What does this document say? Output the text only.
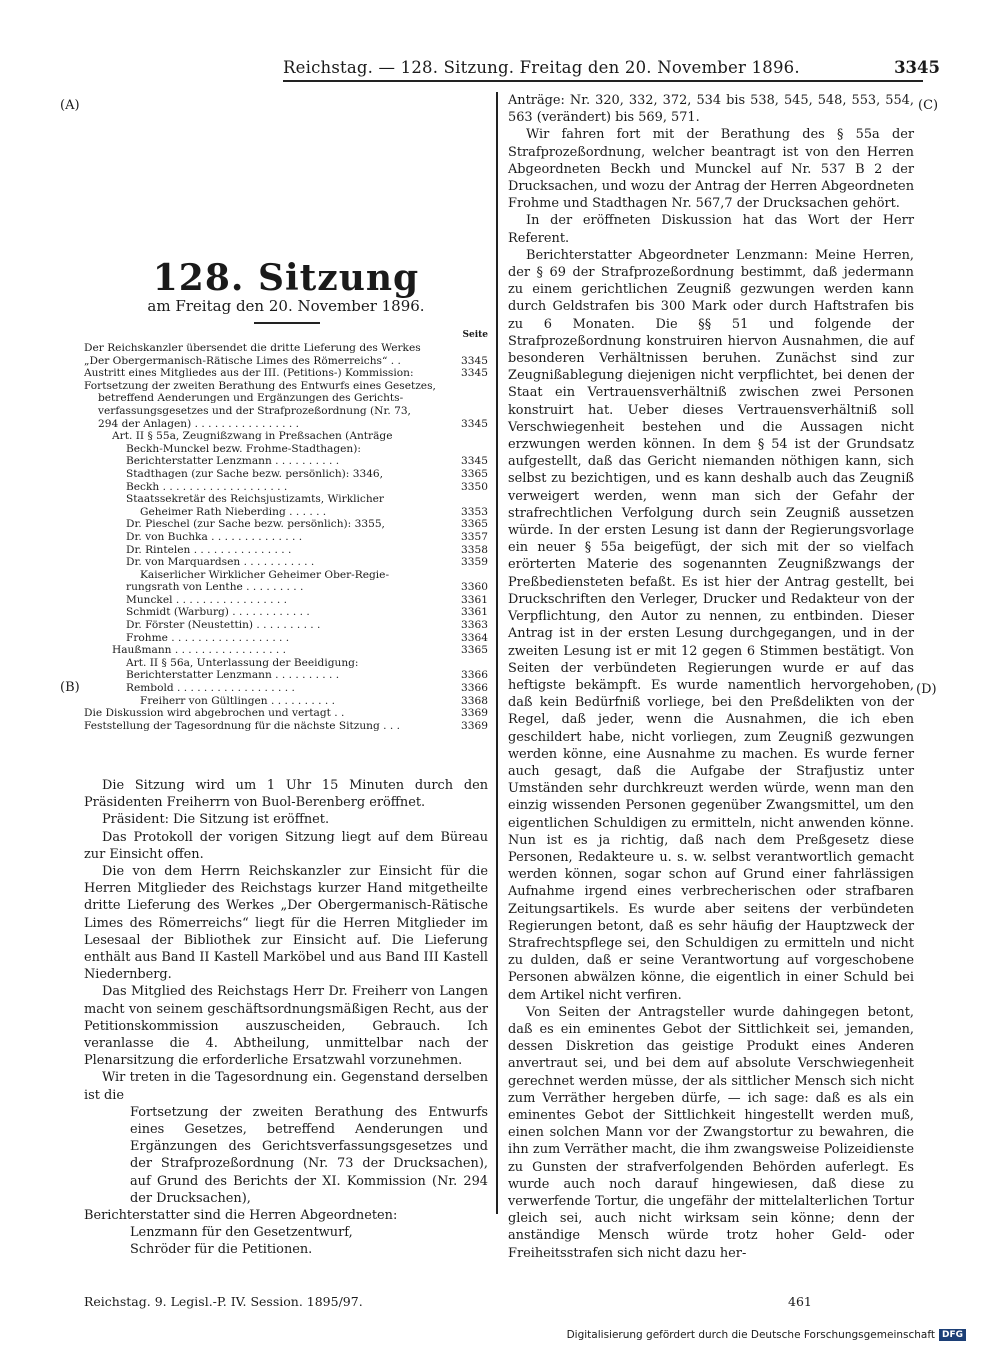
Reichstag. — 128. Sitzung. Freitag den 20. November 1896.	3345
(A)
(B)
(C)
(D)
128. Sitzung
am Freitag den 20. November 1896.
Seite
Der Reichskanzler übersendet die dritte Lieferung des Werkes
„Der Obergermanisch-Rätische Limes des Römerreichs“ . .	3345
Austritt eines Mitgliedes aus der III. (Petitions-) Kommission:	3345
Fortsetzung der zweiten Berathung des Entwurfs eines Gesetzes,
betreffend Aenderungen und Ergänzungen des Gerichts-
verfassungsgesetzes und der Strafprozeßordnung (Nr. 73,
294 der Anlagen) . . . . . . . . . . . . . . . .	3345
Art. II § 55a, Zeugnißzwang in Preßsachen (Anträge
Beckh-Munckel bezw. Frohme-Stadthagen):
Berichterstatter Lenzmann . . . . . . . . . .	3345
Stadthagen (zur Sache bezw. persönlich): 3346,	3365
Beckh . . . . . . . . . . . . . . . . . . .	3350
Staatssekretär des Reichsjustizamts, Wirklicher
Geheimer Rath Nieberding . . . . . .	3353
Dr. Pieschel (zur Sache bezw. persönlich): 3355,	3365
Dr. von Buchka . . . . . . . . . . . . . .	3357
Dr. Rintelen . . . . . . . . . . . . . . .	3358
Dr. von Marquardsen . . . . . . . . . . .	3359
Kaiserlicher Wirklicher Geheimer Ober-Regie-
rungsrath von Lenthe . . . . . . . . .	3360
Munckel . . . . . . . . . . . . . . . . .	3361
Schmidt (Warburg) . . . . . . . . . . . .	3361
Dr. Förster (Neustettin) . . . . . . . . . .	3363
Frohme . . . . . . . . . . . . . . . . . .	3364
Haußmann . . . . . . . . . . . . . . . . .	3365
Art. II § 56a, Unterlassung der Beeidigung:
Berichterstatter Lenzmann . . . . . . . . . .	3366
Rembold . . . . . . . . . . . . . . . . . .	3366
Freiherr von Gültlingen . . . . . . . . . .	3368
Die Diskussion wird abgebrochen und vertagt . .	3369
Feststellung der Tagesordnung für die nächste Sitzung . . .	3369

Die Sitzung wird um 1 Uhr 15 Minuten durch den Präsidenten Freiherrn von Buol-Berenberg eröffnet.

Präsident: Die Sitzung ist eröffnet.

Das Protokoll der vorigen Sitzung liegt auf dem Büreau zur Einsicht offen.

Die von dem Herrn Reichskanzler zur Einsicht für die Herren Mitglieder des Reichstags kurzer Hand mitgetheilte dritte Lieferung des Werkes „Der Obergermanisch-Rätische Limes des Römerreichs“ liegt für die Herren Mitglieder im Lesesaal der Bibliothek zur Einsicht auf. Die Lieferung enthält aus Band II Kastell Marköbel und aus Band III Kastell Niedernberg.

Das Mitglied des Reichstags Herr Dr. Freiherr von Langen macht von seinem geschäftsordnungsmäßigen Recht, aus der Petitionskommission auszuscheiden, Gebrauch. Ich veranlasse die 4. Abtheilung, unmittelbar nach der Plenarsitzung die erforderliche Ersatzwahl vorzunehmen.

Wir treten in die Tagesordnung ein. Gegenstand derselben ist die

Fortsetzung der zweiten Berathung des Entwurfs eines Gesetzes, betreffend Aenderungen und Ergänzungen des Gerichtsverfassungsgesetzes und der Strafprozeßordnung (Nr. 73 der Drucksachen), auf Grund des Berichts der XI. Kommission (Nr. 294 der Drucksachen),

Berichterstatter sind die Herren Abgeordneten:

Lenzmann für den Gesetzentwurf,

Schröder für die Petitionen.

Reichstag. 9. Legisl.-P. IV. Session. 1895/97.

Anträge: Nr. 320, 332, 372, 534 bis 538, 545, 548, 553, 554, 563 (verändert) bis 569, 571.

Wir fahren fort mit der Berathung des § 55a der Strafprozeßordnung, welcher beantragt ist von den Herren Abgeordneten Beckh und Munckel auf Nr. 537 B 2 der Drucksachen, und wozu der Antrag der Herren Abgeordneten Frohme und Stadthagen Nr. 567,7 der Drucksachen gehört.

In der eröffneten Diskussion hat das Wort der Herr Referent.

Berichterstatter Abgeordneter Lenzmann: Meine Herren, der § 69 der Strafprozeßordnung bestimmt, daß jedermann zu einem gerichtlichen Zeugniß gezwungen werden kann durch Geldstrafen bis 300 Mark oder durch Haftstrafen bis zu 6 Monaten. Die §§ 51 und folgende der Strafprozeßordnung konstruiren hiervon Ausnahmen, die auf besonderen Verhältnissen beruhen. Zunächst sind zur Zeugnißablegung diejenigen nicht verpflichtet, bei denen der Staat ein Vertrauensverhältniß zwischen zwei Personen konstruirt hat. Ueber dieses Vertrauensverhältniß soll Verschwiegenheit bestehen und die Aussagen nicht erzwungen werden können. In dem § 54 ist der Grundsatz aufgestellt, daß das Gericht niemanden nöthigen kann, sich selbst zu bezichtigen, und es kann deshalb auch das Zeugniß verweigert werden, wenn man sich der Gefahr der strafrechtlichen Verfolgung durch sein Zeugniß aussetzen würde. In der ersten Lesung ist dann der Regierungsvorlage ein neuer § 55a beigefügt, der sich mit der so vielfach erörterten Materie des sogenannten Zeugnißzwangs der Preßbediensteten befaßt. Es ist hier der Antrag gestellt, bei Druckschriften den Verleger, Drucker und Redakteur von der Verpflichtung, den Autor zu nennen, zu entbinden. Dieser Antrag ist in der ersten Lesung durchgegangen, und in der zweiten Lesung ist er mit 12 gegen 6 Stimmen bestätigt. Von Seiten der verbündeten Regierungen wurde er auf das heftigste bekämpft. Es wurde namentlich hervorgehoben, daß kein Bedürfniß vorliege, bei den Preßdelikten von der Regel, daß jeder, wenn die Ausnahmen, die ich eben geschildert habe, nicht vorliegen, zum Zeugniß gezwungen werden könne, eine Ausnahme zu machen. Es wurde ferner auch gesagt, daß die Aufgabe der Strafjustiz unter Umständen sehr durchkreuzt werden würde, wenn man den einzig wissenden Personen gegenüber Zwangsmittel, um den eigentlichen Schuldigen zu ermitteln, nicht anwenden könne. Nun ist es ja richtig, daß nach dem Preßgesetz diese Personen, Redakteure u. s. w. selbst verantwortlich gemacht werden können, sogar schon auf Grund einer fahrlässigen Aufnahme irgend eines verbrecherischen oder strafbaren Zeitungsartikels. Es wurde aber seitens der verbündeten Regierungen betont, daß es sehr häufig der Hauptzweck der Strafrechtspflege sei, den Schuldigen zu ermitteln und nicht zu dulden, daß er seine Verantwortung auf vorgeschobene Personen abwälzen könne, die eigentlich in einer Schuld bei dem Artikel nicht verfiren.

Von Seiten der Antragsteller wurde dahingegen betont, daß es ein eminentes Gebot der Sittlichkeit sei, jemanden, dessen Diskretion das geistige Produkt eines Anderen anvertraut sei, und bei dem auf absolute Verschwiegenheit gerechnet werden müsse, der als sittlicher Mensch sich nicht zum Verräther hergeben dürfe, — ich sage: daß es als ein eminentes Gebot der Sittlichkeit hingestellt werden muß, einen solchen Mann vor der Zwangstortur zu bewahren, die ihn zum Verräther macht, die ihm zwangsweise Polizeidienste zu Gunsten der strafverfolgenden Behörden auferlegt. Es wurde auch noch darauf hingewiesen, daß diese zu verwerfende Tortur, die ungefähr der mittelalterlichen Tortur gleich sei, auch nicht wirksam sein könne; denn der anständige Mensch würde trotz hoher Geld- oder Freiheitsstrafen sich nicht dazu her-

461
Digitalisierung gefördert durch die Deutsche Forschungsgemeinschaft DFG
